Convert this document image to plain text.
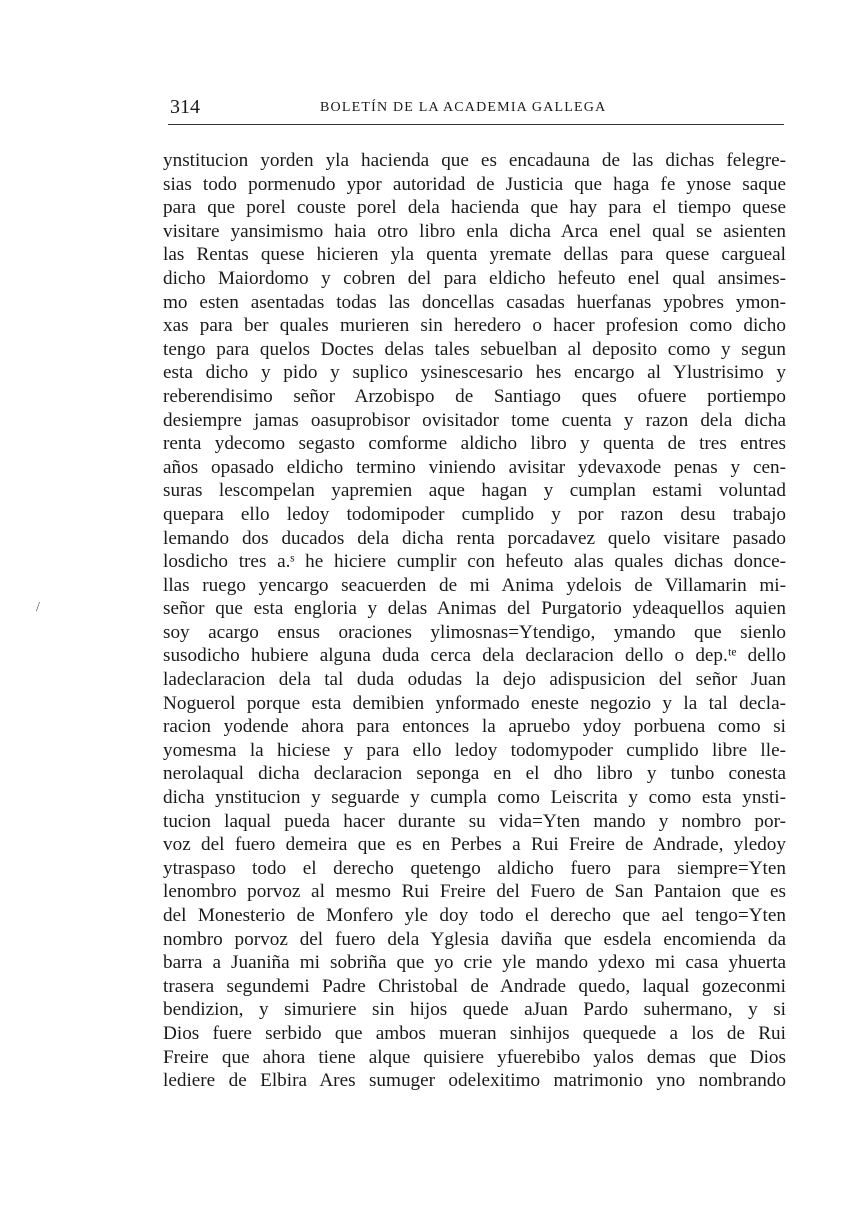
314	BOLETÍN DE LA ACADEMIA GALLEGA
/
ynstitucion yorden yla hacienda que es encadauna de las dichas felegre-
sias todo pormenudo ypor autoridad de Justicia que haga fe ynose saque
para que porel couste porel dela hacienda que hay para el tiempo quese
visitare yansimismo haia otro libro enla dicha Arca enel qual se asienten
las Rentas quese hicieren yla quenta yremate dellas para quese cargueal
dicho Maiordomo y cobren del para eldicho hefeuto enel qual ansimes-
mo esten asentadas todas las doncellas casadas huerfanas ypobres ymon-
xas para ber quales murieren sin heredero o hacer profesion como dicho
tengo para quelos Doctes delas tales sebuelban al deposito como y segun
esta dicho y pido y suplico ysinescesario hes encargo al Ylustrisimo y
reberendisimo señor Arzobispo de Santiago ques ofuere portiempo
desiempre jamas oasuprobisor ovisitador tome cuenta y razon dela dicha
renta ydecomo segasto comforme aldicho libro y quenta de tres entres
años opasado eldicho termino viniendo avisitar ydevaxode penas y cen-
suras lescompelan yapremien aque hagan y cumplan estami voluntad
quepara ello ledoy todomipoder cumplido y por razon desu trabajo
lemando dos ducados dela dicha renta porcadavez quelo visitare pasado
losdicho tres a.ˢ he hiciere cumplir con hefeuto alas quales dichas donce-
llas ruego yencargo seacuerden de mi Anima ydelois de Villamarin mi-
señor que esta engloria y delas Animas del Purgatorio ydeaquellos aquien
soy acargo ensus oraciones ylimosnas=Ytendigo, ymando que sienlo
susodicho hubiere alguna duda cerca dela declaracion dello o dep.ᵗᵉ dello
ladeclaracion dela tal duda odudas la dejo adispusicion del señor Juan
Noguerol porque esta demibien ynformado eneste negozio y la tal decla-
racion yodende ahora para entonces la apruebo ydoy porbuena como si
yomesma la hiciese y para ello ledoy todomypoder cumplido libre lle-
nerolaqual dicha declaracion seponga en el dho libro y tunbo conesta
dicha ynstitucion y seguarde y cumpla como Leiscrita y como esta ynsti-
tucion laqual pueda hacer durante su vida=Yten mando y nombro por-
voz del fuero demeira que es en Perbes a Rui Freire de Andrade, yledoy
ytraspaso todo el derecho quetengo aldicho fuero para siempre=Yten
lenombro porvoz al mesmo Rui Freire del Fuero de San Pantaion que es
del Monesterio de Monfero yle doy todo el derecho que ael tengo=Yten
nombro porvoz del fuero dela Yglesia daviña que esdela encomienda da
barra a Juaniña mi sobriña que yo crie yle mando ydexo mi casa yhuerta
trasera segundemi Padre Christobal de Andrade quedo, laqual gozeconmi
bendizion, y simuriere sin hijos quede aJuan Pardo suhermano, y si
Dios fuere serbido que ambos mueran sinhijos quequede a los de Rui
Freire que ahora tiene alque quisiere yfuerebibo yalos demas que Dios
lediere de Elbira Ares sumuger odelexitimo matrimonio yno nombrando
